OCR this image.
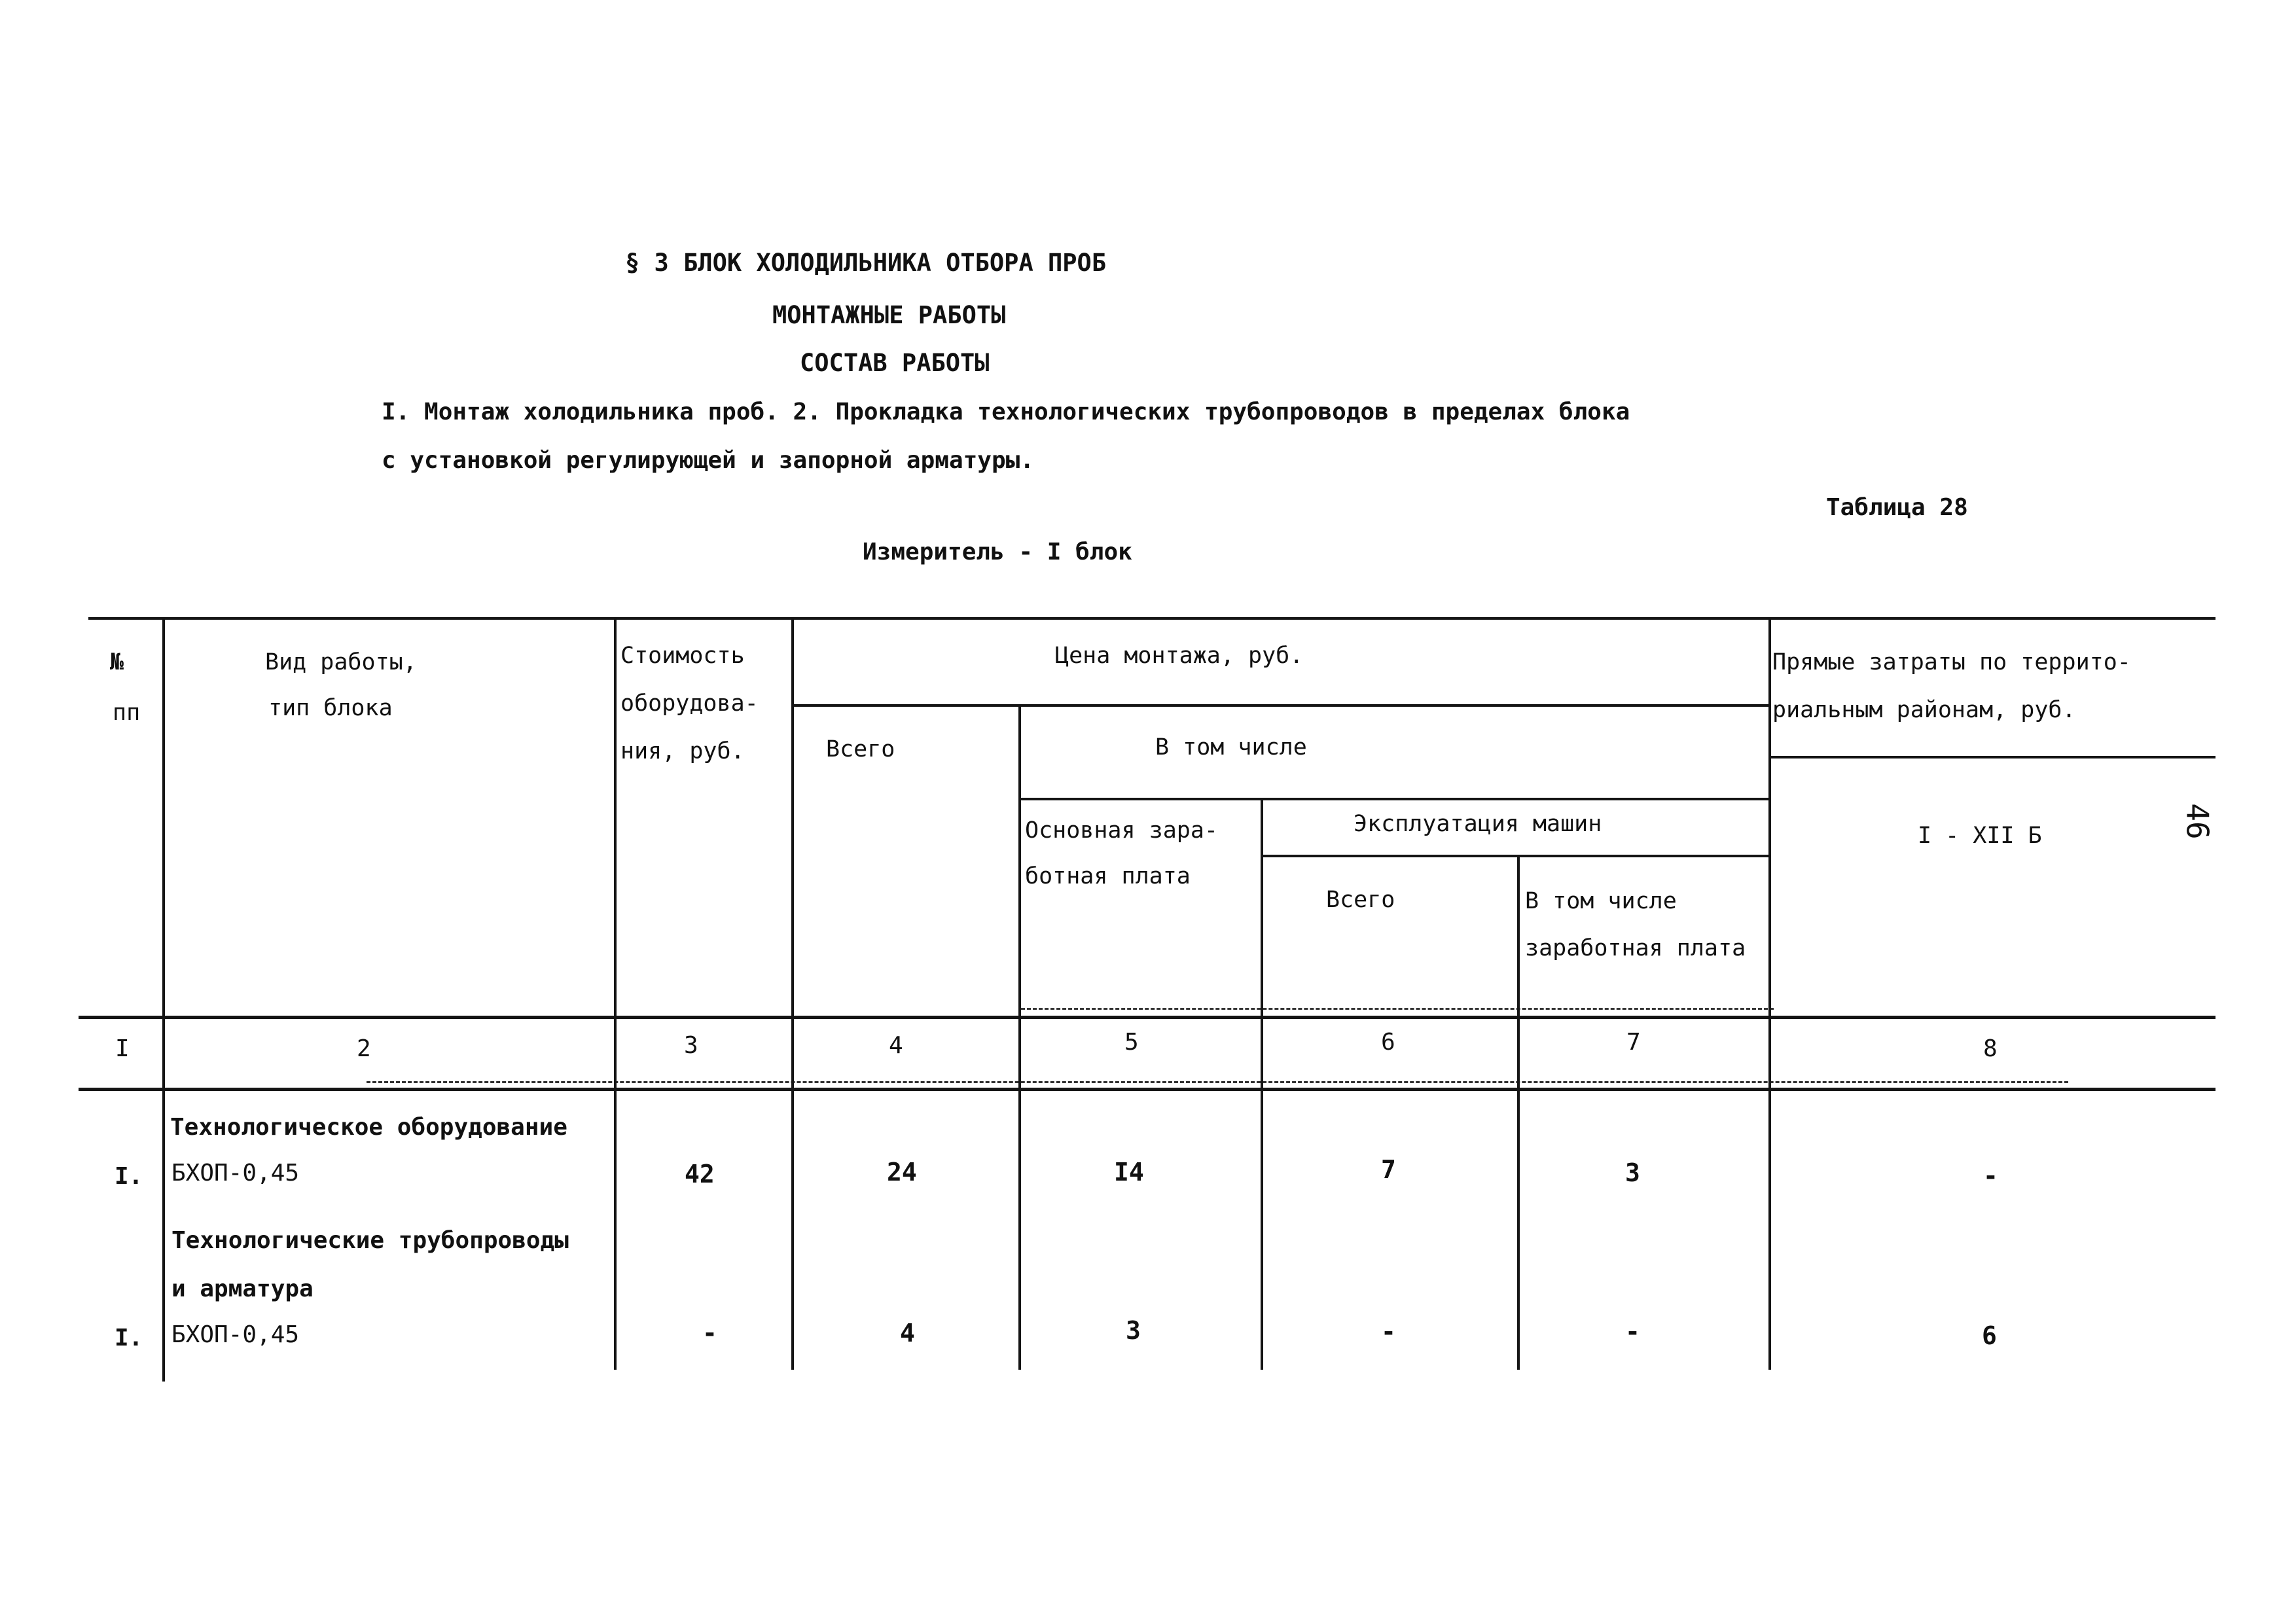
§ 3 БЛОК ХОЛОДИЛЬНИКА ОТБОРА ПРОБ
МОНТАЖНЫЕ РАБОТЫ
СОСТАВ РАБОТЫ
I. Монтаж холодильника проб. 2. Прокладка технологических трубопроводов в пределах блока
с установкой регулирующей и запорной арматуры.
Таблица 28
Измеритель - I блок
46
№
пп
Вид работы,
тип блока
Стоимость
оборудова-
ния, руб.
Цена монтажа, руб.
Всего	В том числе
Основная зара-
ботная плата
Эксплуатация машин
Всего	В том числе
заработная плата
Прямые затраты по террито-
риальным районам, руб.
I - XII Б
I	2	3	4	5	6	7	8
Технологическое оборудование
I. БХОП-0,45	42	24	I4	7	3	-
Технологические трубопроводы
и арматура
I. БХОП-0,45	-	4	3	-	-	6
